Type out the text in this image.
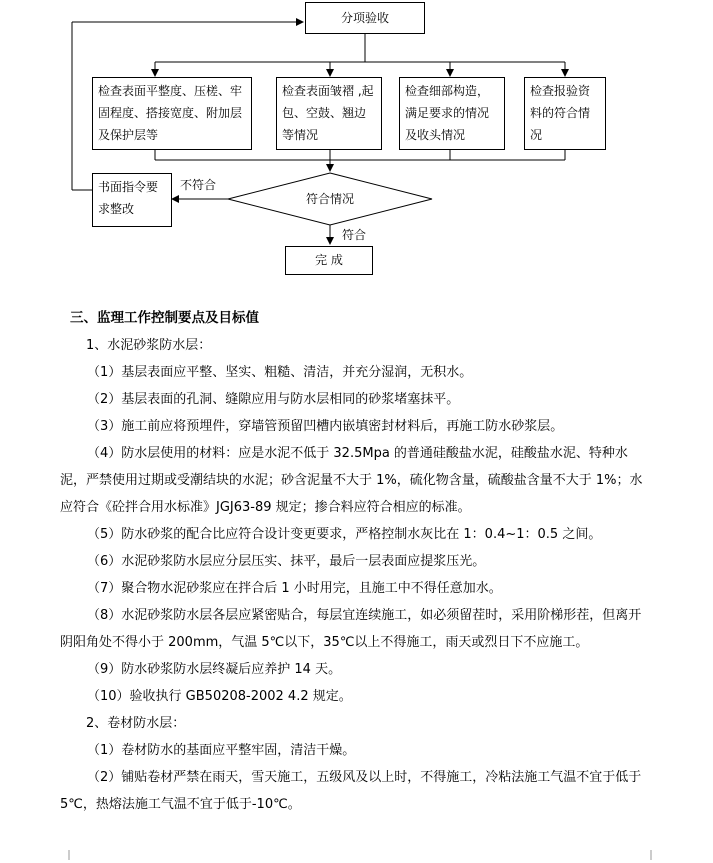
分项验收
检查表面平整度、压槎、牢固程度、搭接宽度、附加层及保护层等
检查表面皱褶 ,起包、空鼓、翘边等情况
检查细部构造，满足要求的情况及收头情况
检查报验资料的符合情况
符合情况
书面指令要求整改
不符合
符合
完 成
三、监理工作控制要点及目标值
1、水泥砂浆防水层：
（1）基层表面应平整、坚实、粗糙、清洁，并充分湿润，无积水。
（2）基层表面的孔洞、缝隙应用与防水层相同的砂浆堵塞抹平。
（3）施工前应将预埋件，穿墙管预留凹槽内嵌填密封材料后，再施工防水砂浆层。
（4）防水层使用的材料：应是水泥不低于 32.5Mpa 的普通硅酸盐水泥，硅酸盐水泥、特种水泥，严禁使用过期或受潮结块的水泥；砂含泥量不大于 1%，硫化物含量，硫酸盐含量不大于 1%；水应符合《砼拌合用水标准》JGJ63-89 规定；掺合料应符合相应的标准。
（5）防水砂浆的配合比应符合设计变更要求，严格控制水灰比在 1：0.4~1：0.5 之间。
（6）水泥砂浆防水层应分层压实、抹平，最后一层表面应提浆压光。
（7）聚合物水泥砂浆应在拌合后 1 小时用完，且施工中不得任意加水。
（8）水泥砂浆防水层各层应紧密贴合，每层宜连续施工，如必须留茬时，采用阶梯形茬，但离开阴阳角处不得小于 200mm，气温 5℃以下，35℃以上不得施工，雨天或烈日下不应施工。
（9）防水砂浆防水层终凝后应养护 14 天。
（10）验收执行 GB50208-2002 4.2 规定。
2、卷材防水层：
（1）卷材防水的基面应平整牢固，清洁干燥。
（2）铺贴卷材严禁在雨天，雪天施工，五级风及以上时，不得施工，冷粘法施工气温不宜于低于 5℃，热熔法施工气温不宜于低于-10℃。
